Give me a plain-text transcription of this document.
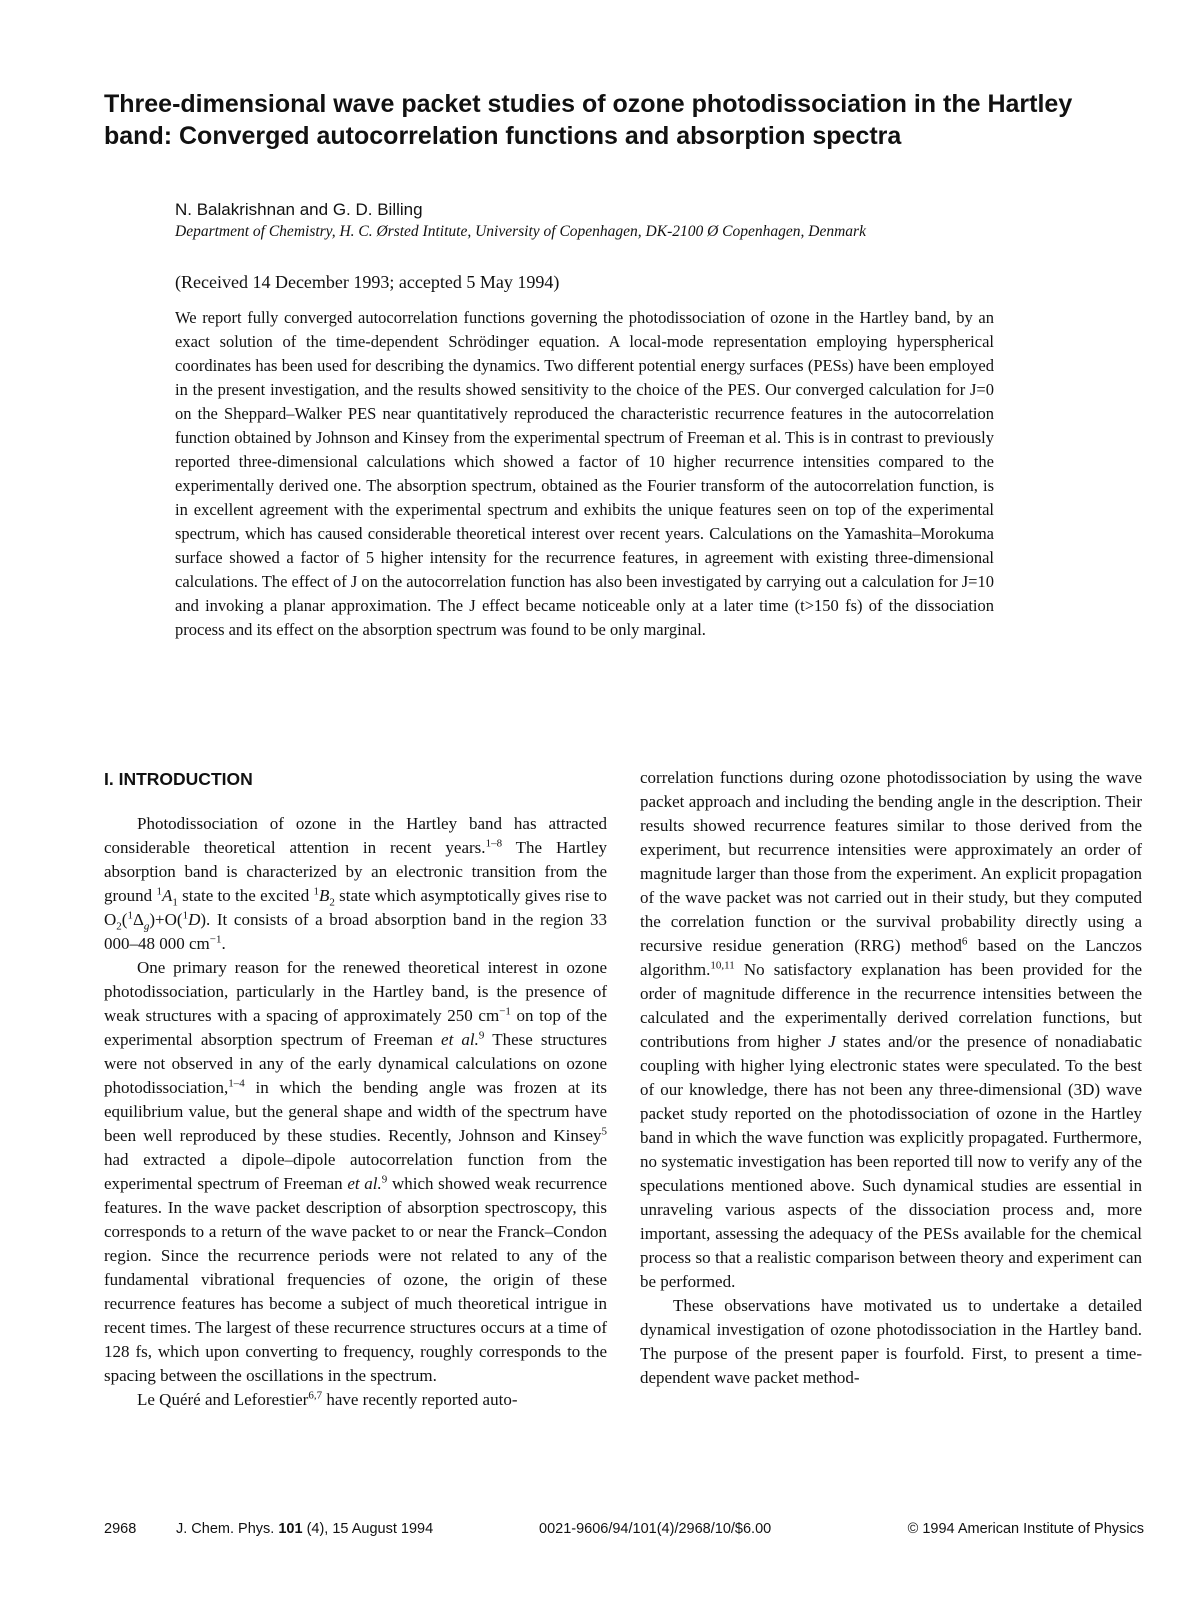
Three-dimensional wave packet studies of ozone photodissociation in the Hartley band: Converged autocorrelation functions and absorption spectra

N. Balakrishnan and G. D. Billing

Department of Chemistry, H. C. Ørsted Intitute, University of Copenhagen, DK-2100 Ø Copenhagen, Denmark

(Received 14 December 1993; accepted 5 May 1994)

We report fully converged autocorrelation functions governing the photodissociation of ozone in the Hartley band, by an exact solution of the time-dependent Schrödinger equation. A local-mode representation employing hyperspherical coordinates has been used for describing the dynamics. Two different potential energy surfaces (PESs) have been employed in the present investigation, and the results showed sensitivity to the choice of the PES. Our converged calculation for J=0 on the Sheppard–Walker PES near quantitatively reproduced the characteristic recurrence features in the autocorrelation function obtained by Johnson and Kinsey from the experimental spectrum of Freeman et al. This is in contrast to previously reported three-dimensional calculations which showed a factor of 10 higher recurrence intensities compared to the experimentally derived one. The absorption spectrum, obtained as the Fourier transform of the autocorrelation function, is in excellent agreement with the experimental spectrum and exhibits the unique features seen on top of the experimental spectrum, which has caused considerable theoretical interest over recent years. Calculations on the Yamashita–Morokuma surface showed a factor of 5 higher intensity for the recurrence features, in agreement with existing three-dimensional calculations. The effect of J on the autocorrelation function has also been investigated by carrying out a calculation for J=10 and invoking a planar approximation. The J effect became noticeable only at a later time (t>150 fs) of the dissociation process and its effect on the absorption spectrum was found to be only marginal.

I. INTRODUCTION

Photodissociation of ozone in the Hartley band has attracted considerable theoretical attention in recent years.$^{1-8}$ The Hartley absorption band is characterized by an electronic transition from the ground $^1A_1$ state to the excited $^1B_2$ state which asymptotically gives rise to $O_2(^1\Delta_g)+O(^1D)$. It consists of a broad absorption band in the region 33 000–48 000 $cm^{-1}$.

One primary reason for the renewed theoretical interest in ozone photodissociation, particularly in the Hartley band, is the presence of weak structures with a spacing of approximately 250 $cm^{-1}$ on top of the experimental absorption spectrum of Freeman et al.$^9$ These structures were not observed in any of the early dynamical calculations on ozone photodissociation,$^{1-4}$ in which the bending angle was frozen at its equilibrium value, but the general shape and width of the spectrum have been well reproduced by these studies. Recently, Johnson and Kinsey$^5$ had extracted a dipole–dipole autocorrelation function from the experimental spectrum of Freeman et al.$^9$ which showed weak recurrence features. In the wave packet description of absorption spectroscopy, this corresponds to a return of the wave packet to or near the Franck–Condon region. Since the recurrence periods were not related to any of the fundamental vibrational frequencies of ozone, the origin of these recurrence features has become a subject of much theoretical intrigue in recent times. The largest of these recurrence structures occurs at a time of 128 fs, which upon converting to frequency, roughly corresponds to the spacing between the oscillations in the spectrum.

Le Quéré and Leforestier$^{6,7}$ have recently reported auto-

correlation functions during ozone photodissociation by using the wave packet approach and including the bending angle in the description. Their results showed recurrence features similar to those derived from the experiment, but recurrence intensities were approximately an order of magnitude larger than those from the experiment. An explicit propagation of the wave packet was not carried out in their study, but they computed the correlation function or the survival probability directly using a recursive residue generation (RRG) method$^6$ based on the Lanczos algorithm.$^{10,11}$ No satisfactory explanation has been provided for the order of magnitude difference in the recurrence intensities between the calculated and the experimentally derived correlation functions, but contributions from higher J states and/or the presence of nonadiabatic coupling with higher lying electronic states were speculated. To the best of our knowledge, there has not been any three-dimensional (3D) wave packet study reported on the photodissociation of ozone in the Hartley band in which the wave function was explicitly propagated. Furthermore, no systematic investigation has been reported till now to verify any of the speculations mentioned above. Such dynamical studies are essential in unraveling various aspects of the dissociation process and, more important, assessing the adequacy of the PESs available for the chemical process so that a realistic comparison between theory and experiment can be performed.

These observations have motivated us to undertake a detailed dynamical investigation of ozone photodissociation in the Hartley band. The purpose of the present paper is fourfold. First, to present a time-dependent wave packet method-

2968	J. Chem. Phys. 101 (4), 15 August 1994	0021-9606/94/101(4)/2968/10/$6.00	© 1994 American Institute of Physics
